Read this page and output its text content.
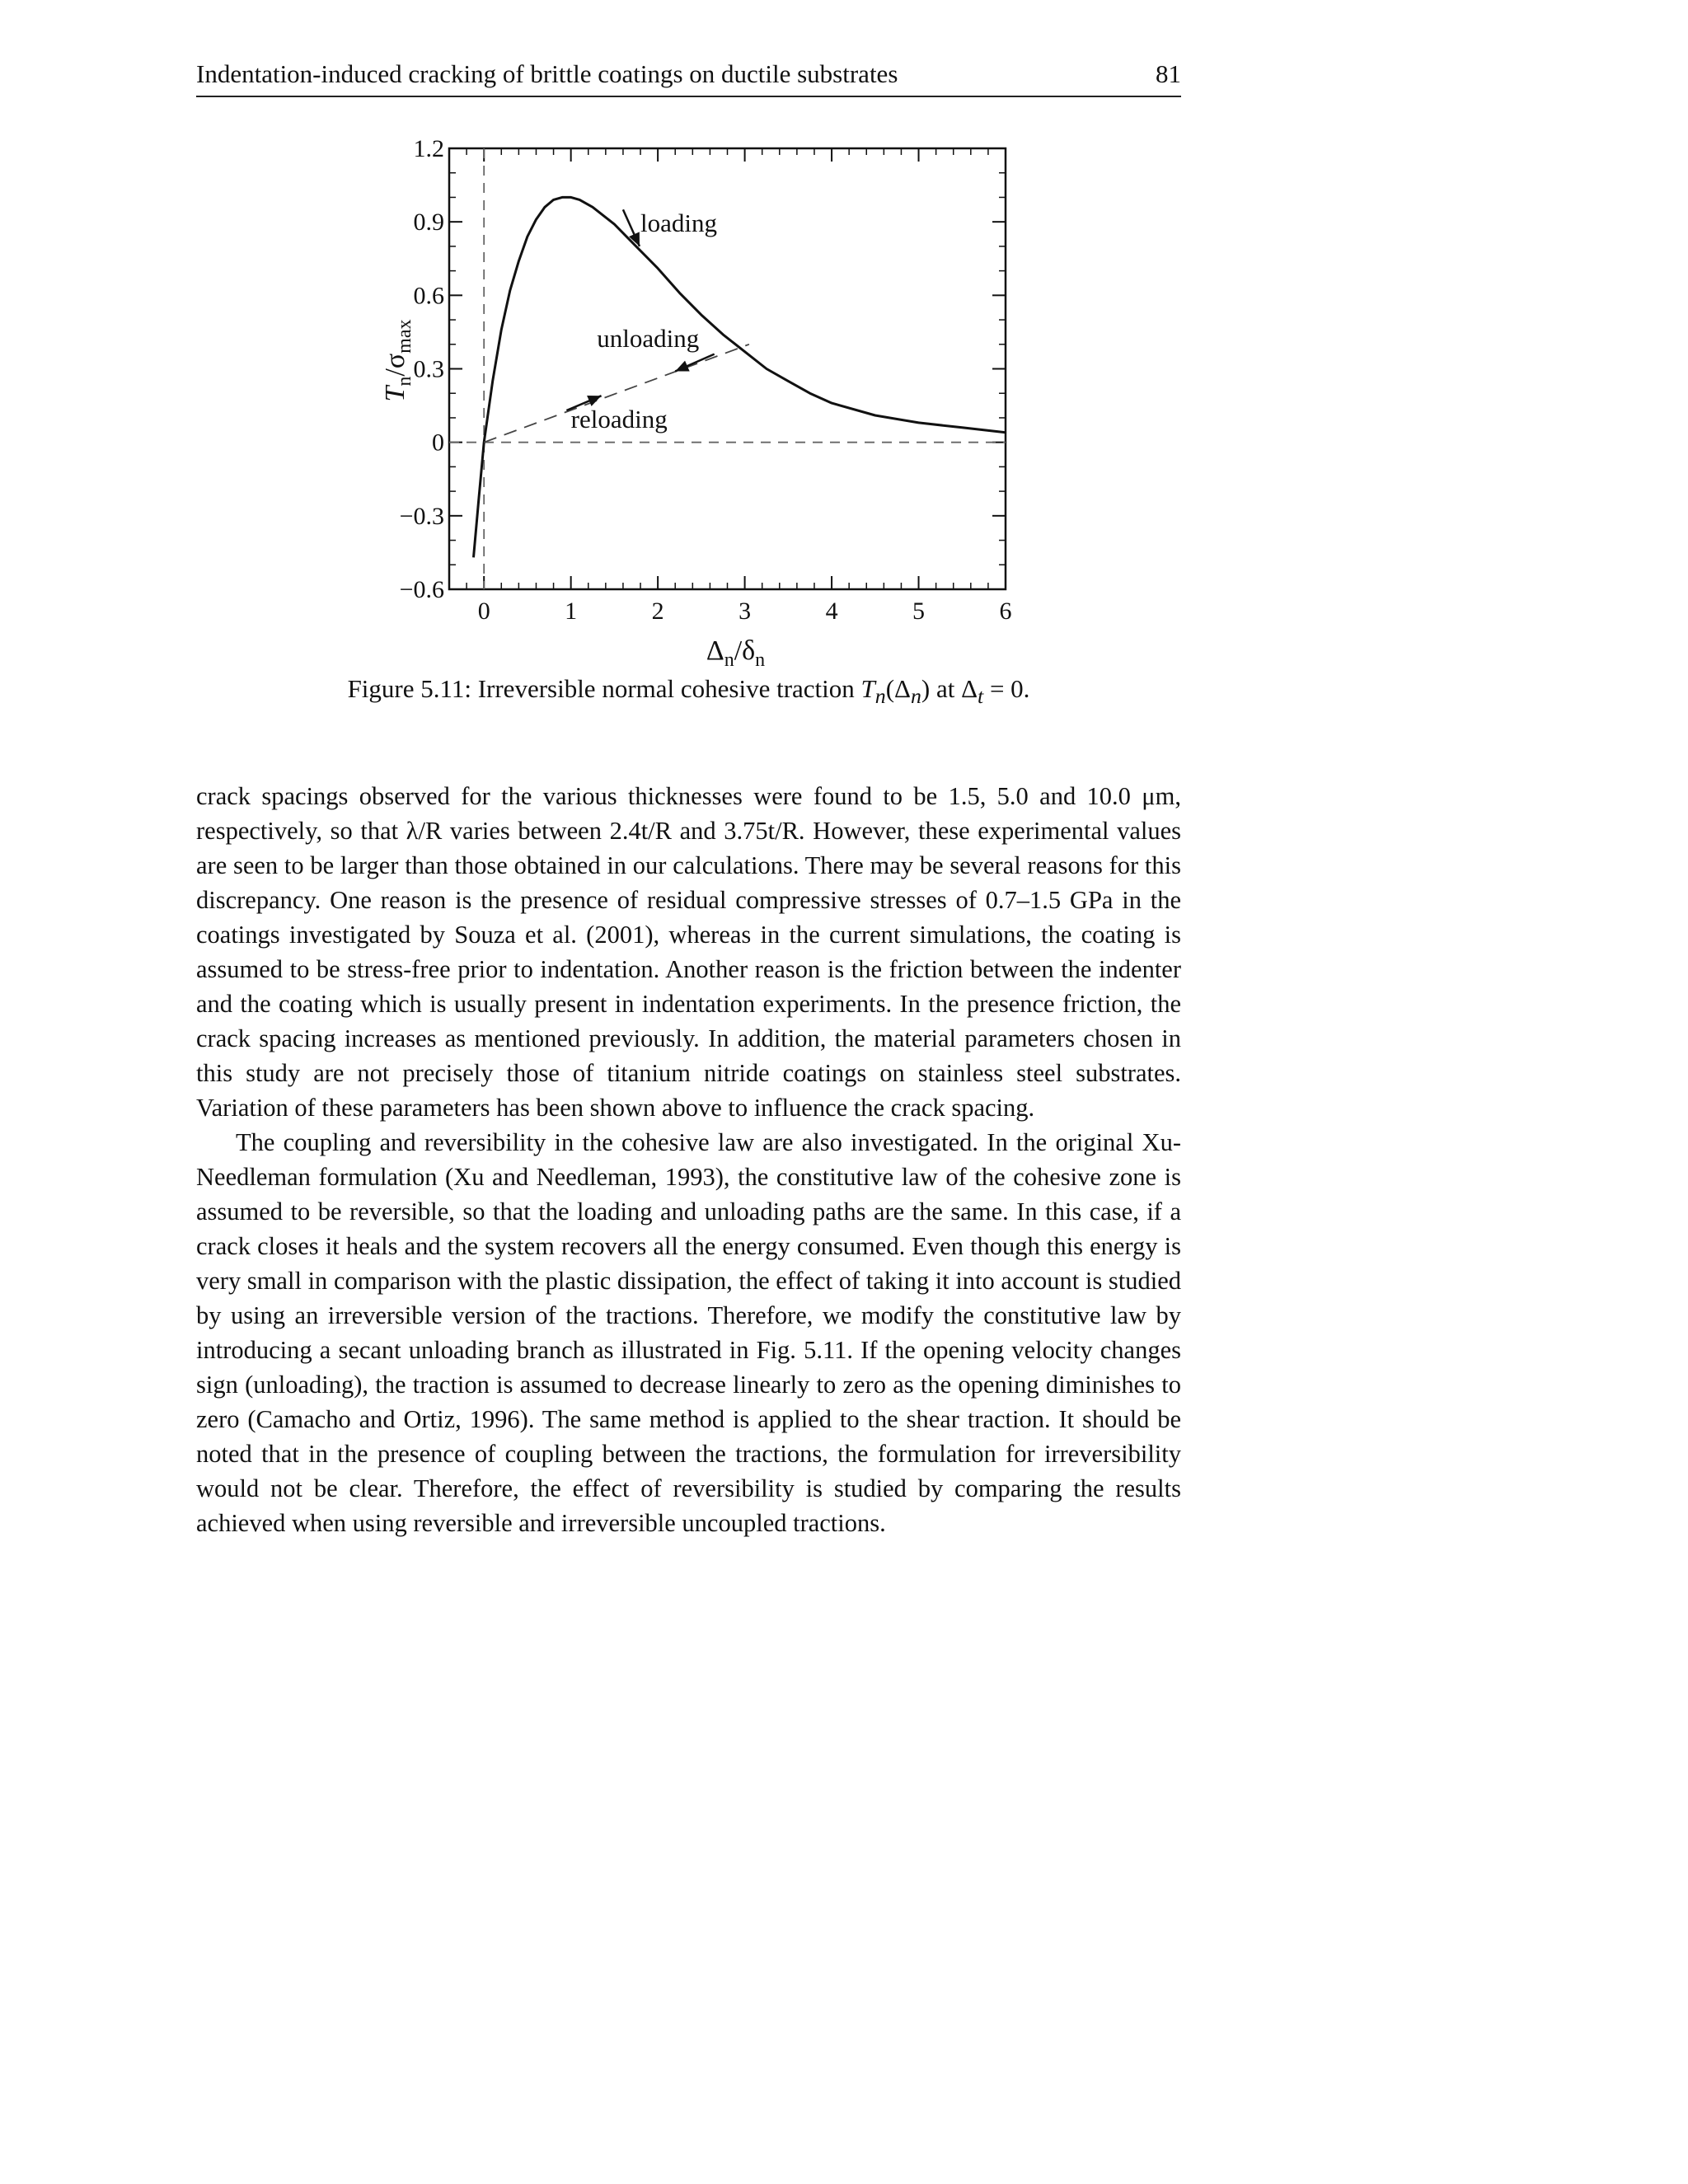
Indentation-induced cracking of brittle coatings on ductile substrates	81
0	1	2	3	4	5	6
1.2
0.9
0.6
0.3
0
−0.3
−0.6
loading
unloading
reloading
$\Delta_n/\delta_n$
$T_n/\sigma_{max}$
Figure 5.11: Irreversible normal cohesive traction $T_n(\Delta_n)$ at $\Delta_t = 0$.

crack spacings observed for the various thicknesses were found to be 1.5, 5.0 and 10.0 μm, respectively, so that λ/R varies between 2.4t/R and 3.75t/R. However, these experimental values are seen to be larger than those obtained in our calculations. There may be several reasons for this discrepancy. One reason is the presence of residual compressive stresses of 0.7–1.5 GPa in the coatings investigated by Souza et al. (2001), whereas in the current simulations, the coating is assumed to be stress-free prior to indentation. Another reason is the friction between the indenter and the coating which is usually present in indentation experiments. In the presence friction, the crack spacing increases as mentioned previously. In addition, the material parameters chosen in this study are not precisely those of titanium nitride coatings on stainless steel substrates. Variation of these parameters has been shown above to influence the crack spacing.

The coupling and reversibility in the cohesive law are also investigated. In the original Xu-Needleman formulation (Xu and Needleman, 1993), the constitutive law of the cohesive zone is assumed to be reversible, so that the loading and unloading paths are the same. In this case, if a crack closes it heals and the system recovers all the energy consumed. Even though this energy is very small in comparison with the plastic dissipation, the effect of taking it into account is studied by using an irreversible version of the tractions. Therefore, we modify the constitutive law by introducing a secant unloading branch as illustrated in Fig. 5.11. If the opening velocity changes sign (unloading), the traction is assumed to decrease linearly to zero as the opening diminishes to zero (Camacho and Ortiz, 1996). The same method is applied to the shear traction. It should be noted that in the presence of coupling between the tractions, the formulation for irreversibility would not be clear. Therefore, the effect of reversibility is studied by comparing the results achieved when using reversible and irreversible uncoupled tractions.
